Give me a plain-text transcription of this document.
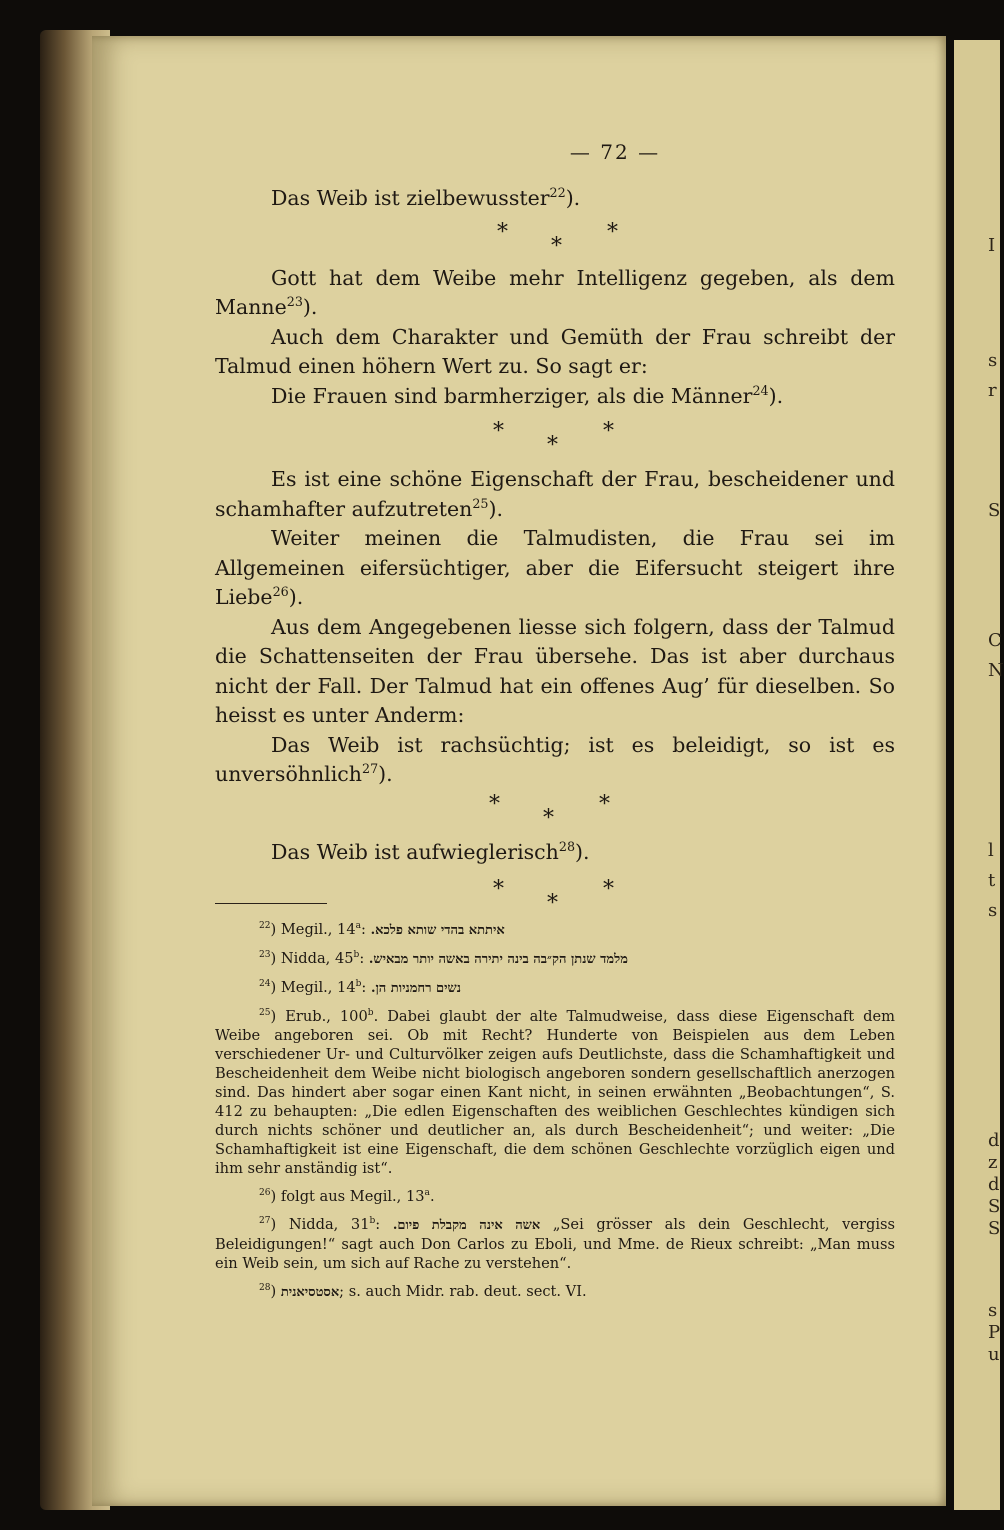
I
s
r
S
C
N
l
t
s
d
z
d
S
S
s
P
u
— 72 —

Das Weib ist zielbewusster$^{22}$).

*	*
*

Gott hat dem Weibe mehr Intelligenz gegeben, als dem Manne$^{23}$).

Auch dem Charakter und Gemüth der Frau schreibt der Talmud einen höhern Wert zu. So sagt er:

Die Frauen sind barmherziger, als die Männer$^{24}$).

*	*
*

Es ist eine schöne Eigenschaft der Frau, bescheidener und schamhafter aufzutreten$^{25}$).

Weiter meinen die Talmudisten, die Frau sei im Allgemeinen eifersüchtiger, aber die Eifersucht steigert ihre Liebe$^{26}$).

Aus dem Angegebenen liesse sich folgern, dass der Talmud die Schattenseiten der Frau übersehe. Das ist aber durchaus nicht der Fall. Der Talmud hat ein offenes Aug’ für dieselben. So heisst es unter Anderm:

Das Weib ist rachsüchtig; ist es beleidigt, so ist es unversöhnlich$^{27}$).

*	*
*

Das Weib ist aufwieglerisch$^{28}$).

*	*
*
$^{22}$) Megil., 14$^a$: איתתא בהדי שותא פלכא.
$^{23}$) Nidda, 45$^b$: מלמד שנתן הק״בה בינה יתירה באשה יותר מבאיש.
$^{24}$) Megil., 14$^b$: נשים רחמניות הן.
$^{25}$) Erub., 100$^b$. Dabei glaubt der alte Talmudweise, dass diese Eigenschaft dem Weibe angeboren sei. Ob mit Recht? Hunderte von Beispielen aus dem Leben verschiedener Ur- und Culturvölker zeigen aufs Deutlichste, dass die Schamhaftigkeit und Bescheidenheit dem Weibe nicht biologisch angeboren sondern gesellschaftlich anerzogen sind. Das hindert aber sogar einen Kant nicht, in seinen erwähnten „Beobachtungen“, S. 412 zu behaupten: „Die edlen Eigenschaften des weiblichen Geschlechtes kündigen sich durch nichts schöner und deutlicher an, als durch Bescheidenheit“; und weiter: „Die Schamhaftigkeit ist eine Eigenschaft, die dem schönen Geschlechte vorzüglich eigen und ihm sehr anständig ist“.
$^{26}$) folgt aus Megil., 13$^a$.
$^{27}$) Nidda, 31$^b$: אשה אינה מקבלת פיום. „Sei grösser als dein Geschlecht, vergiss Beleidigungen!“ sagt auch Don Carlos zu Eboli, und Mme. de Rieux schreibt: „Man muss ein Weib sein, um sich auf Rache zu verstehen“.
$^{28}$) אסטסיאנית; s. auch Midr. rab. deut. sect. VI.
